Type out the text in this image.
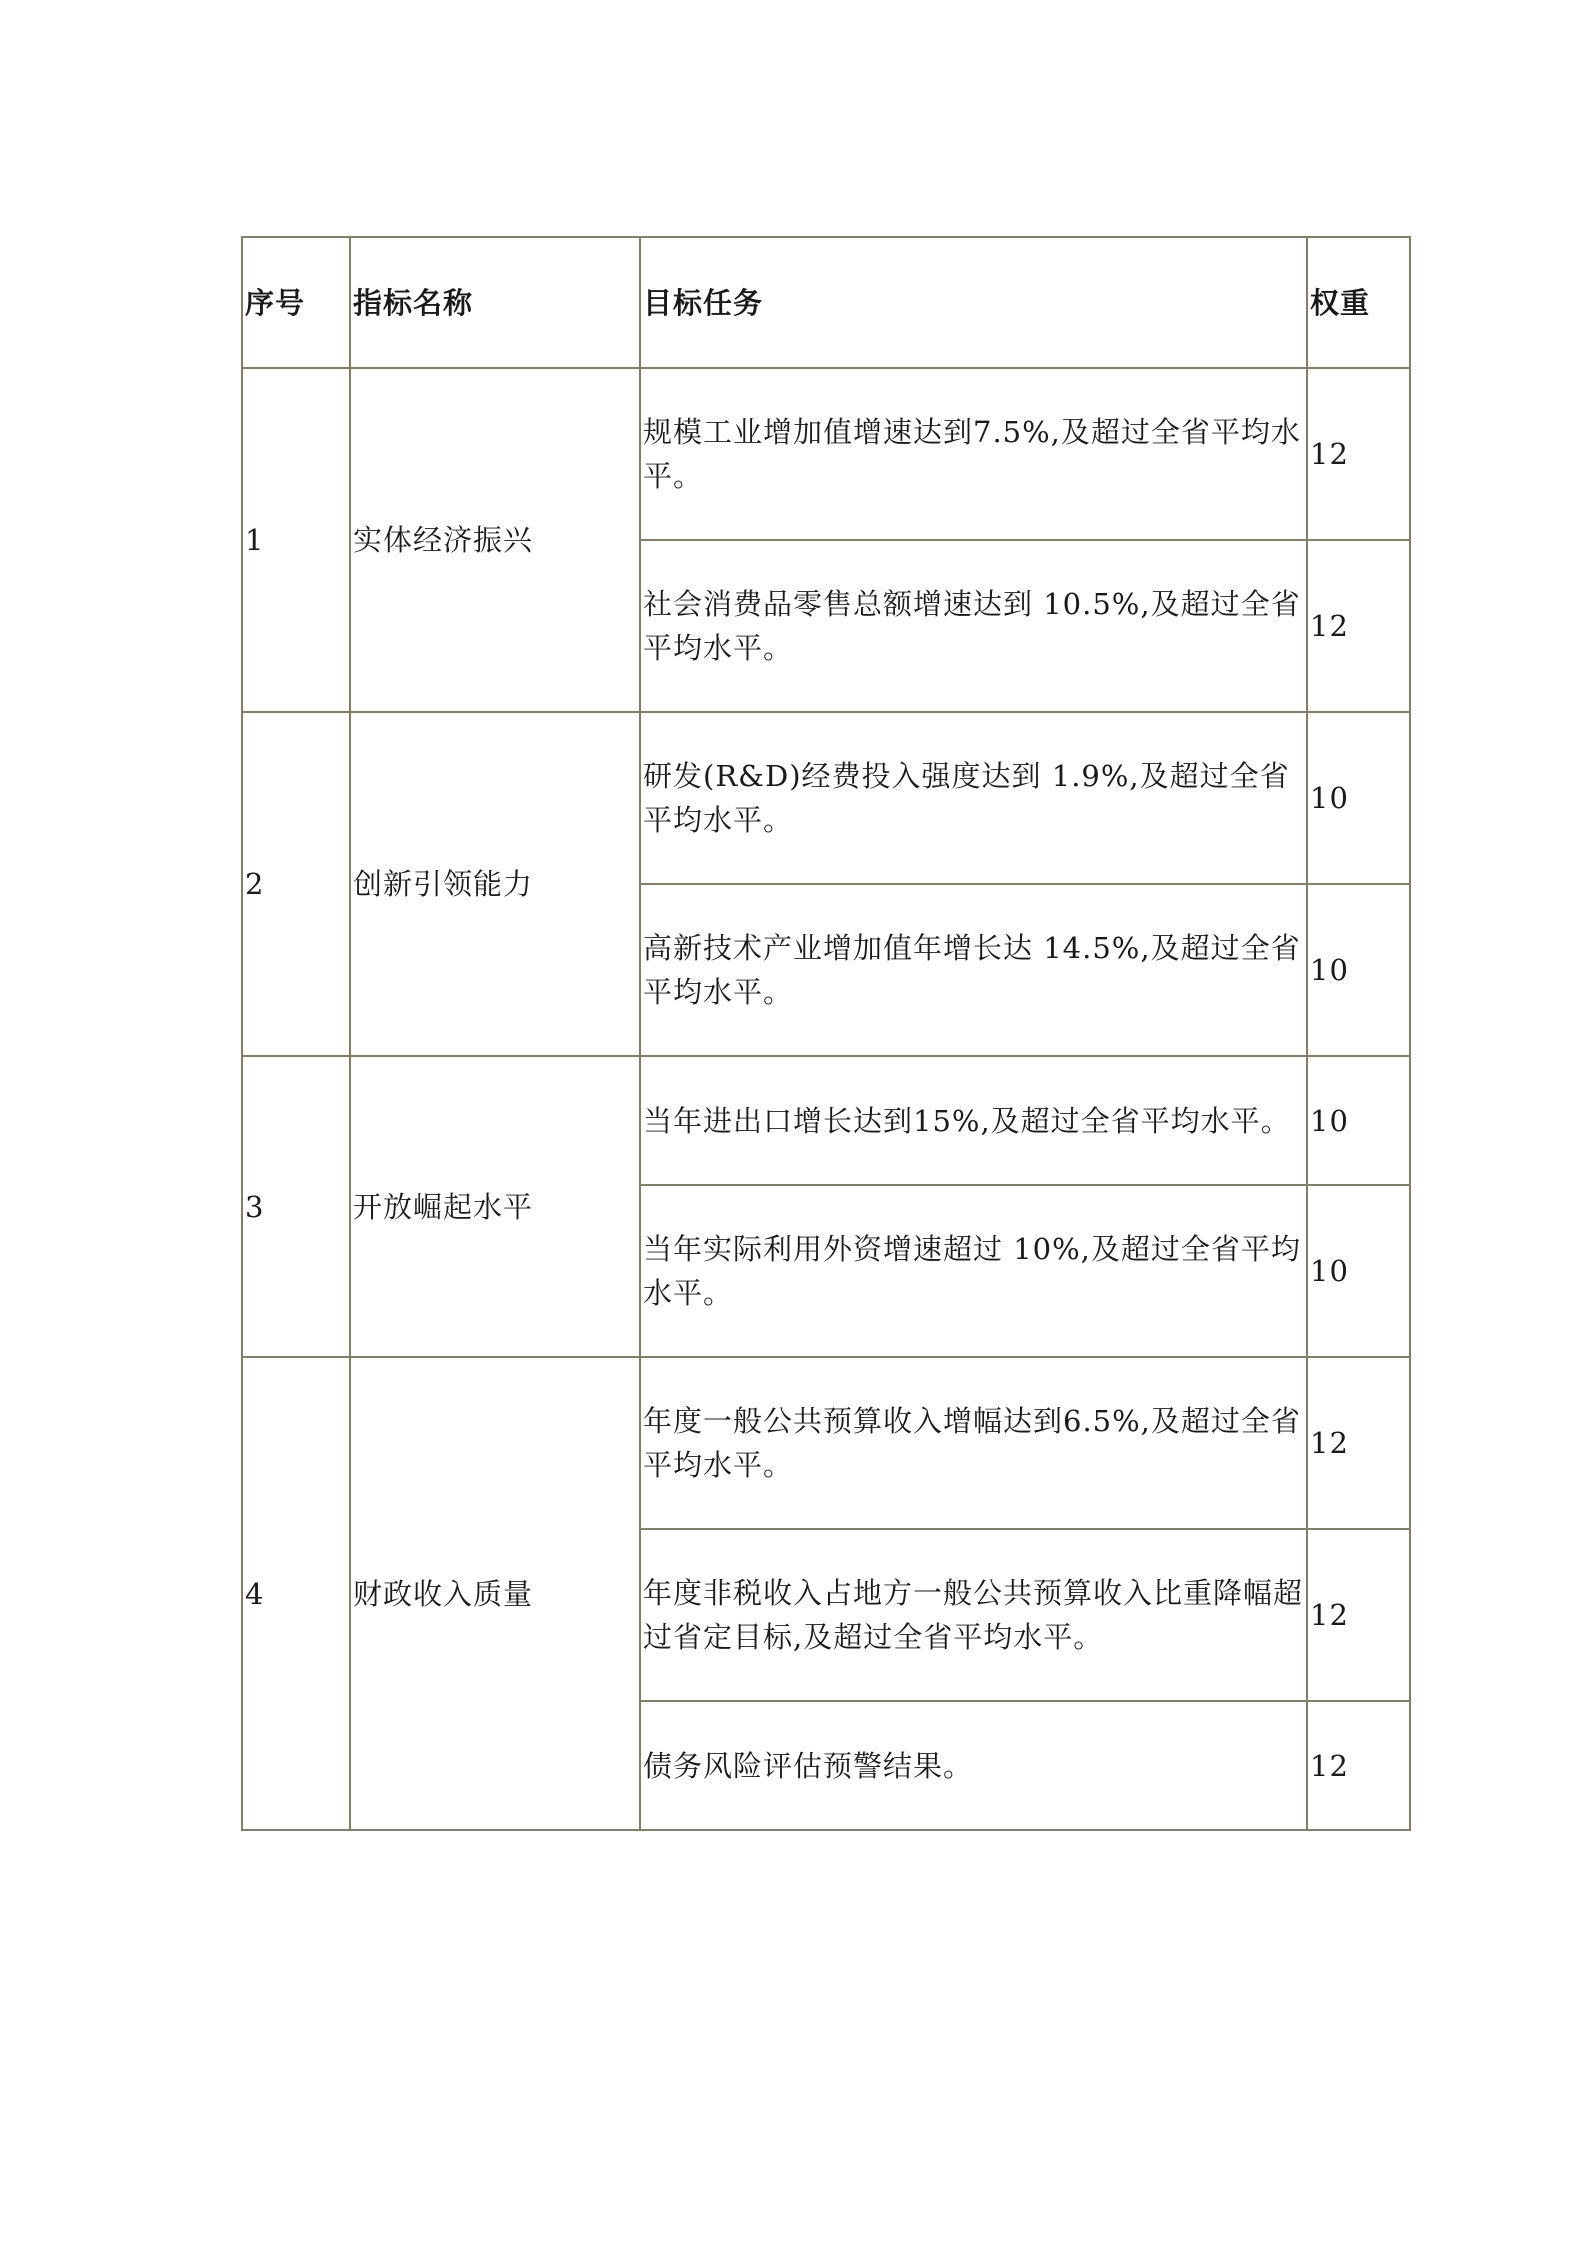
序号	指标名称	目标任务	权重
1	实体经济振兴	规模工业增加值增速达到7.5%,及超过全省平均水平。	12
		社会消费品零售总额增速达到 10.5%,及超过全省平均水平。	12
2	创新引领能力	研发(R&D)经费投入强度达到 1.9%,及超过全省平均水平。	10
		高新技术产业增加值年增长达 14.5%,及超过全省平均水平。	10
3	开放崛起水平	当年进出口增长达到15%,及超过全省平均水平。	10
		当年实际利用外资增速超过 10%,及超过全省平均水平。	10
4	财政收入质量	年度一般公共预算收入增幅达到6.5%,及超过全省平均水平。	12
		年度非税收入占地方一般公共预算收入比重降幅超过省定目标,及超过全省平均水平。	12
		债务风险评估预警结果。	12
